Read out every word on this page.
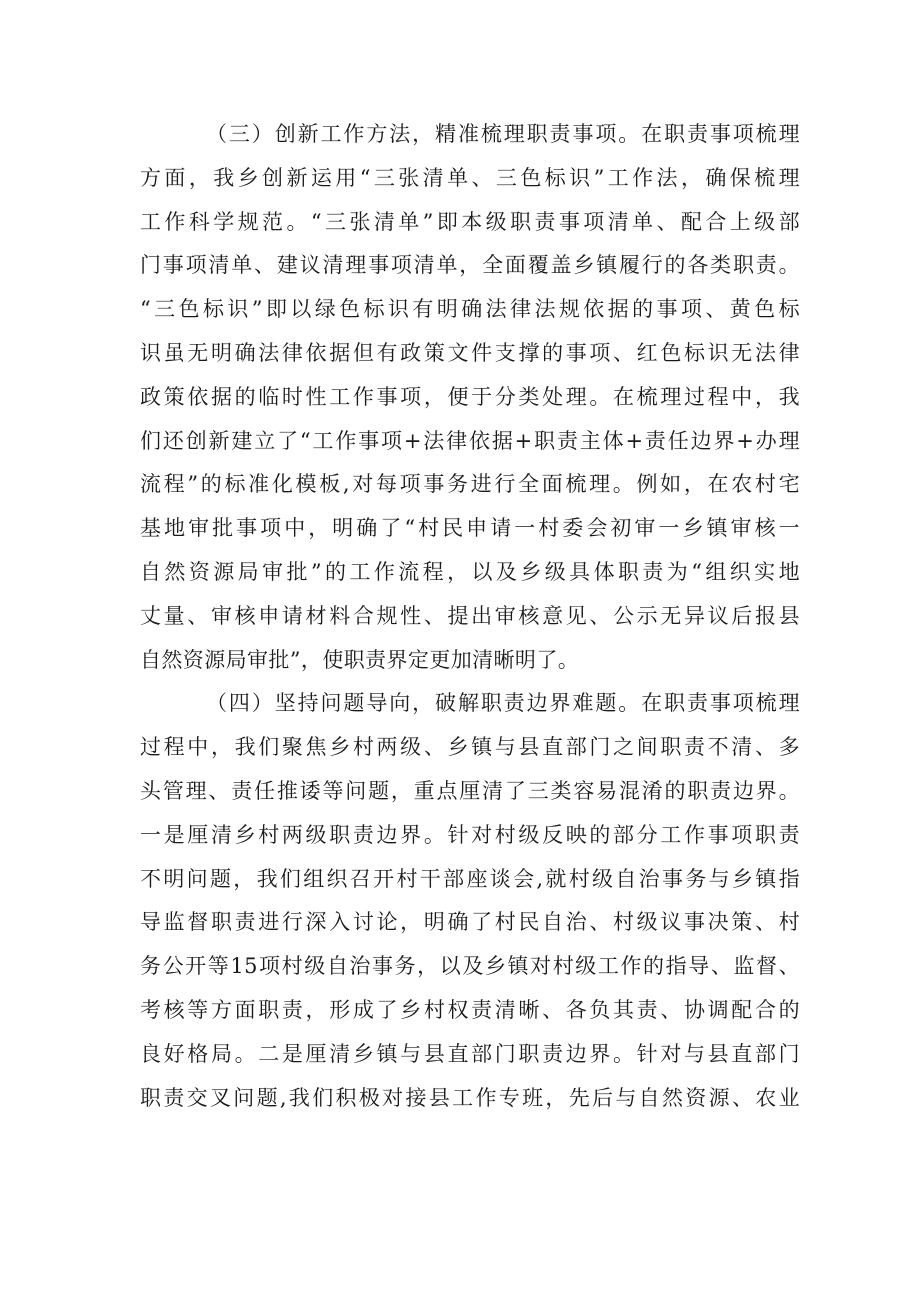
（三）创新工作方法，精准梳理职责事项。在职责事项梳理
方面，我乡创新运用“三张清单、三色标识”工作法，确保梳理
工作科学规范。“三张清单”即本级职责事项清单、配合上级部
门事项清单、建议清理事项清单，全面覆盖乡镇履行的各类职责。
“三色标识”即以绿色标识有明确法律法规依据的事项、黄色标
识虽无明确法律依据但有政策文件支撑的事项、红色标识无法律
政策依据的临时性工作事项，便于分类处理。在梳理过程中，我
们还创新建立了“工作事项+法律依据+职责主体+责任边界+办理
流程”的标准化模板,对每项事务进行全面梳理。例如，在农村宅
基地审批事项中，明确了“村民申请一村委会初审一乡镇审核一
自然资源局审批”的工作流程，以及乡级具体职责为“组织实地
丈量、审核申请材料合规性、提出审核意见、公示无异议后报县
自然资源局审批”，使职责界定更加清晰明了。
（四）坚持问题导向，破解职责边界难题。在职责事项梳理
过程中，我们聚焦乡村两级、乡镇与县直部门之间职责不清、多
头管理、责任推诿等问题，重点厘清了三类容易混淆的职责边界。
一是厘清乡村两级职责边界。针对村级反映的部分工作事项职责
不明问题，我们组织召开村干部座谈会,就村级自治事务与乡镇指
导监督职责进行深入讨论，明确了村民自治、村级议事决策、村
务公开等15项村级自治事务，以及乡镇对村级工作的指导、监督、
考核等方面职责，形成了乡村权责清晰、各负其责、协调配合的
良好格局。二是厘清乡镇与县直部门职责边界。针对与县直部门
职责交叉问题,我们积极对接县工作专班，先后与自然资源、农业
